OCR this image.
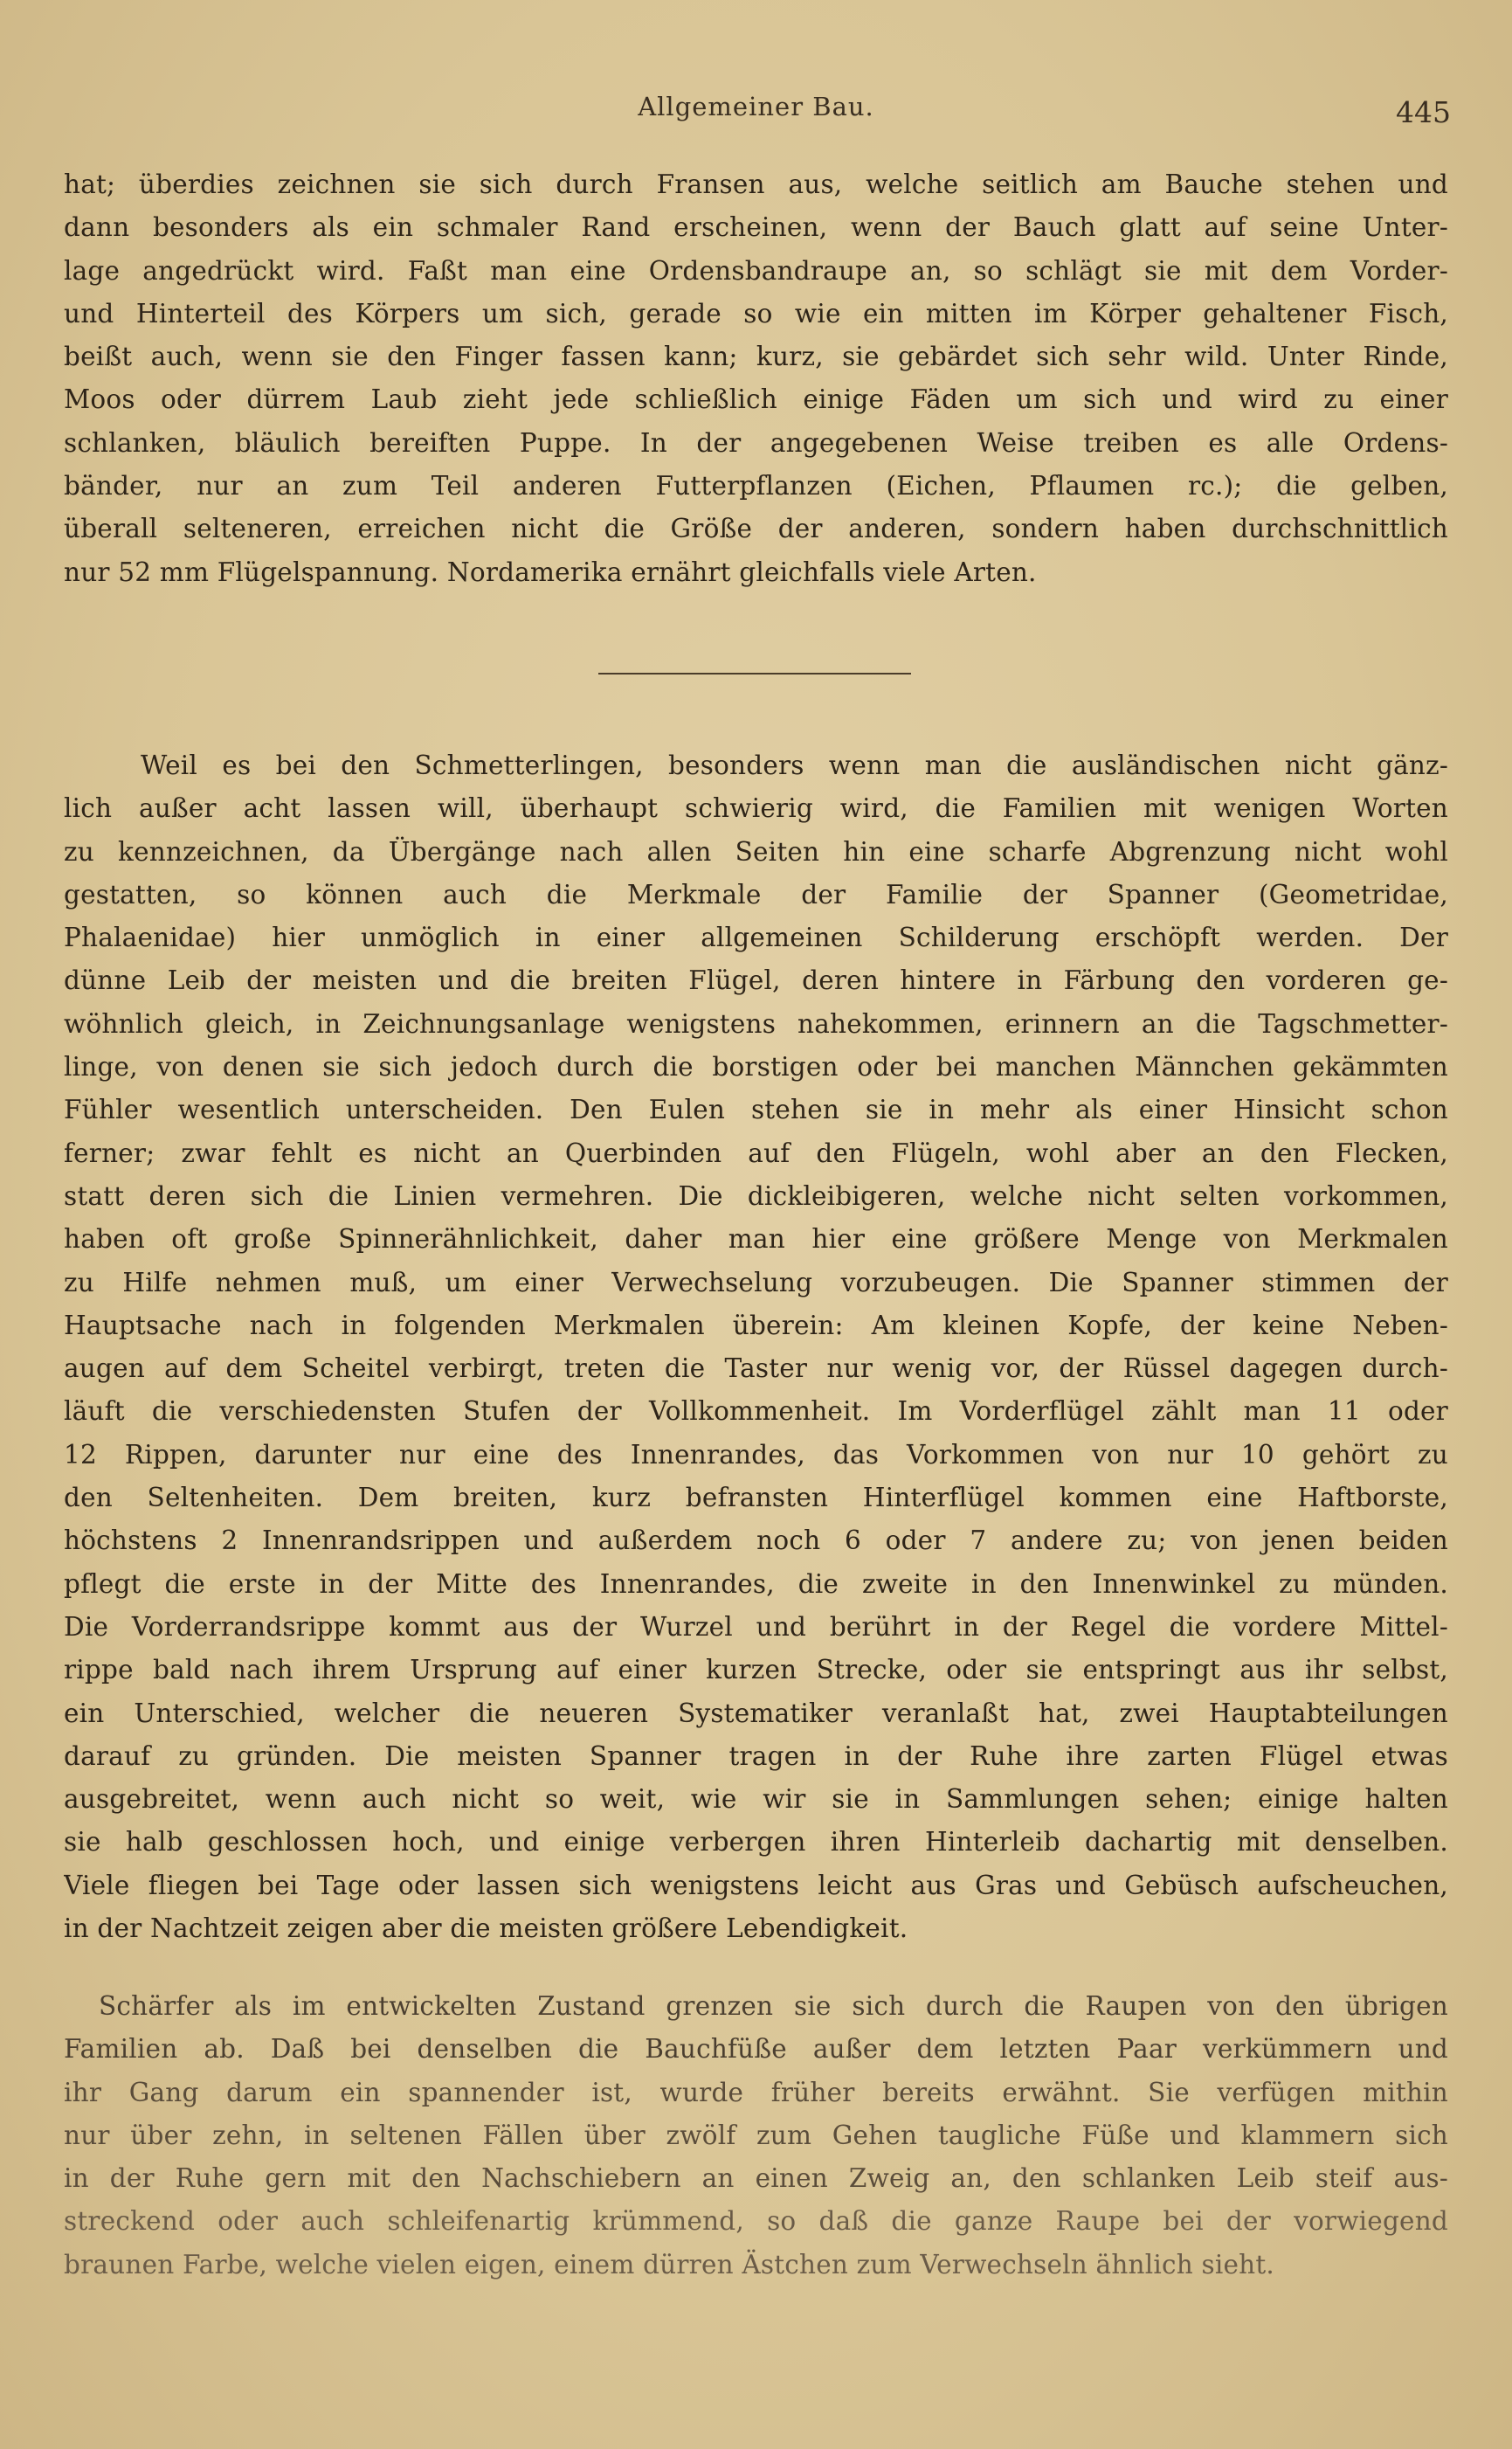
Allgemeiner Bau.	445
hat; überdies zeichnen sie sich durch Fransen aus, welche seitlich am Bauche stehen und
dann besonders als ein schmaler Rand erscheinen, wenn der Bauch glatt auf seine Unter-
lage angedrückt wird. Faßt man eine Ordensbandraupe an, so schlägt sie mit dem Vorder-
und Hinterteil des Körpers um sich, gerade so wie ein mitten im Körper gehaltener Fisch,
beißt auch, wenn sie den Finger fassen kann; kurz, sie gebärdet sich sehr wild. Unter Rinde,
Moos oder dürrem Laub zieht jede schließlich einige Fäden um sich und wird zu einer
schlanken, bläulich bereiften Puppe. In der angegebenen Weise treiben es alle Ordens-
bänder, nur an zum Teil anderen Futterpflanzen (Eichen, Pflaumen rc.); die gelben,
überall selteneren, erreichen nicht die Größe der anderen, sondern haben durchschnittlich
nur 52 mm Flügelspannung. Nordamerika ernährt gleichfalls viele Arten.
Weil es bei den Schmetterlingen, besonders wenn man die ausländischen nicht gänz-
lich außer acht lassen will, überhaupt schwierig wird, die Familien mit wenigen Worten
zu kennzeichnen, da Übergänge nach allen Seiten hin eine scharfe Abgrenzung nicht wohl
gestatten, so können auch die Merkmale der Familie der Spanner (Geometridae,
Phalaenidae) hier unmöglich in einer allgemeinen Schilderung erschöpft werden. Der
dünne Leib der meisten und die breiten Flügel, deren hintere in Färbung den vorderen ge-
wöhnlich gleich, in Zeichnungsanlage wenigstens nahekommen, erinnern an die Tagschmetter-
linge, von denen sie sich jedoch durch die borstigen oder bei manchen Männchen gekämmten
Fühler wesentlich unterscheiden. Den Eulen stehen sie in mehr als einer Hinsicht schon
ferner; zwar fehlt es nicht an Querbinden auf den Flügeln, wohl aber an den Flecken,
statt deren sich die Linien vermehren. Die dickleibigeren, welche nicht selten vorkommen,
haben oft große Spinnerähnlichkeit, daher man hier eine größere Menge von Merkmalen
zu Hilfe nehmen muß, um einer Verwechselung vorzubeugen. Die Spanner stimmen der
Hauptsache nach in folgenden Merkmalen überein: Am kleinen Kopfe, der keine Neben-
augen auf dem Scheitel verbirgt, treten die Taster nur wenig vor, der Rüssel dagegen durch-
läuft die verschiedensten Stufen der Vollkommenheit. Im Vorderflügel zählt man 11 oder
12 Rippen, darunter nur eine des Innenrandes, das Vorkommen von nur 10 gehört zu
den Seltenheiten. Dem breiten, kurz befransten Hinterflügel kommen eine Haftborste,
höchstens 2 Innenrandsrippen und außerdem noch 6 oder 7 andere zu; von jenen beiden
pflegt die erste in der Mitte des Innenrandes, die zweite in den Innenwinkel zu münden.
Die Vorderrandsrippe kommt aus der Wurzel und berührt in der Regel die vordere Mittel-
rippe bald nach ihrem Ursprung auf einer kurzen Strecke, oder sie entspringt aus ihr selbst,
ein Unterschied, welcher die neueren Systematiker veranlaßt hat, zwei Hauptabteilungen
darauf zu gründen. Die meisten Spanner tragen in der Ruhe ihre zarten Flügel etwas
ausgebreitet, wenn auch nicht so weit, wie wir sie in Sammlungen sehen; einige halten
sie halb geschlossen hoch, und einige verbergen ihren Hinterleib dachartig mit denselben.
Viele fliegen bei Tage oder lassen sich wenigstens leicht aus Gras und Gebüsch aufscheuchen,
in der Nachtzeit zeigen aber die meisten größere Lebendigkeit.
Schärfer als im entwickelten Zustand grenzen sie sich durch die Raupen von den übrigen
Familien ab. Daß bei denselben die Bauchfüße außer dem letzten Paar verkümmern und
ihr Gang darum ein spannender ist, wurde früher bereits erwähnt. Sie verfügen mithin
nur über zehn, in seltenen Fällen über zwölf zum Gehen taugliche Füße und klammern sich
in der Ruhe gern mit den Nachschiebern an einen Zweig an, den schlanken Leib steif aus-
streckend oder auch schleifenartig krümmend, so daß die ganze Raupe bei der vorwiegend
braunen Farbe, welche vielen eigen, einem dürren Ästchen zum Verwechseln ähnlich sieht.
